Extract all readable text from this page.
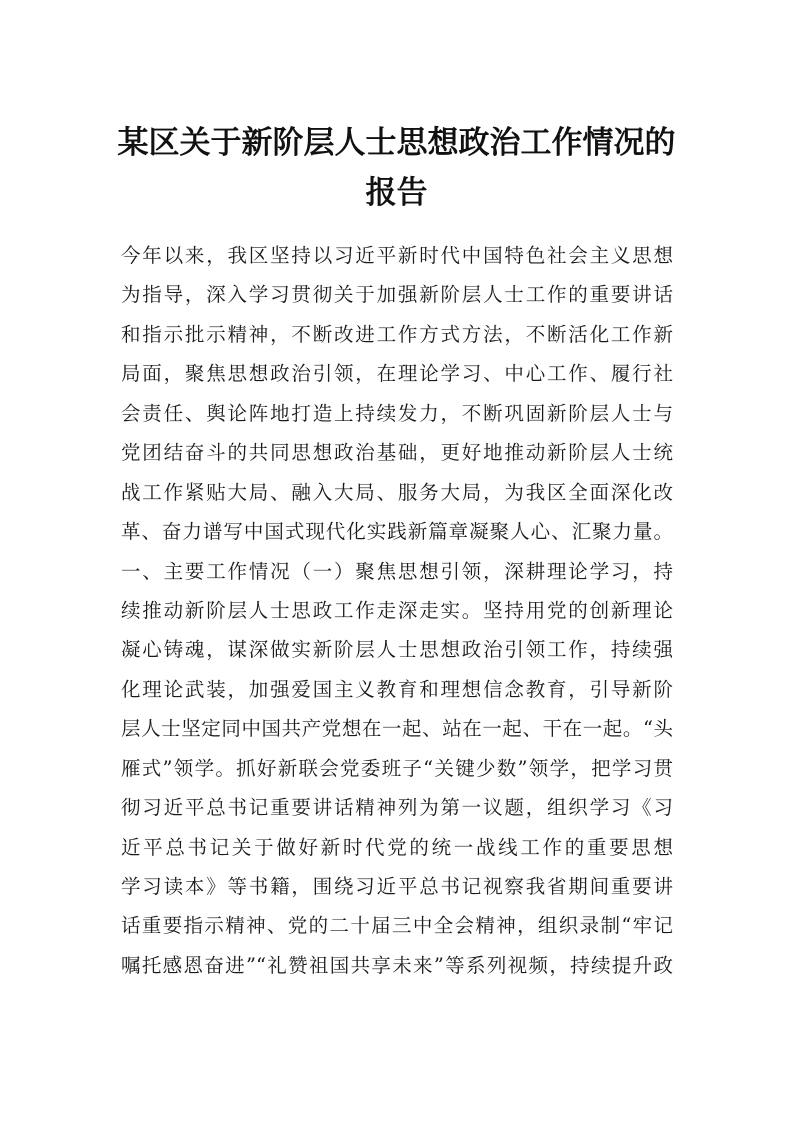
某区关于新阶层人士思想政治工作情况的
报告
今年以来，我区坚持以习近平新时代中国特色社会主义思想
为指导，深入学习贯彻关于加强新阶层人士工作的重要讲话
和指示批示精神，不断改进工作方式方法，不断活化工作新
局面，聚焦思想政治引领，在理论学习、中心工作、履行社
会责任、舆论阵地打造上持续发力，不断巩固新阶层人士与
党团结奋斗的共同思想政治基础，更好地推动新阶层人士统
战工作紧贴大局、融入大局、服务大局，为我区全面深化改
革、奋力谱写中国式现代化实践新篇章凝聚人心、汇聚力量。
一、主要工作情况（一）聚焦思想引领，深耕理论学习，持
续推动新阶层人士思政工作走深走实。坚持用党的创新理论
凝心铸魂，谋深做实新阶层人士思想政治引领工作，持续强
化理论武装，加强爱国主义教育和理想信念教育，引导新阶
层人士坚定同中国共产党想在一起、站在一起、干在一起。“头
雁式”领学。抓好新联会党委班子“关键少数”领学，把学习贯
彻习近平总书记重要讲话精神列为第一议题，组织学习《习
近平总书记关于做好新时代党的统一战线工作的重要思想
学习读本》等书籍，围绕习近平总书记视察我省期间重要讲
话重要指示精神、党的二十届三中全会精神，组织录制“牢记
嘱托感恩奋进”“礼赞祖国共享未来”等系列视频，持续提升政
